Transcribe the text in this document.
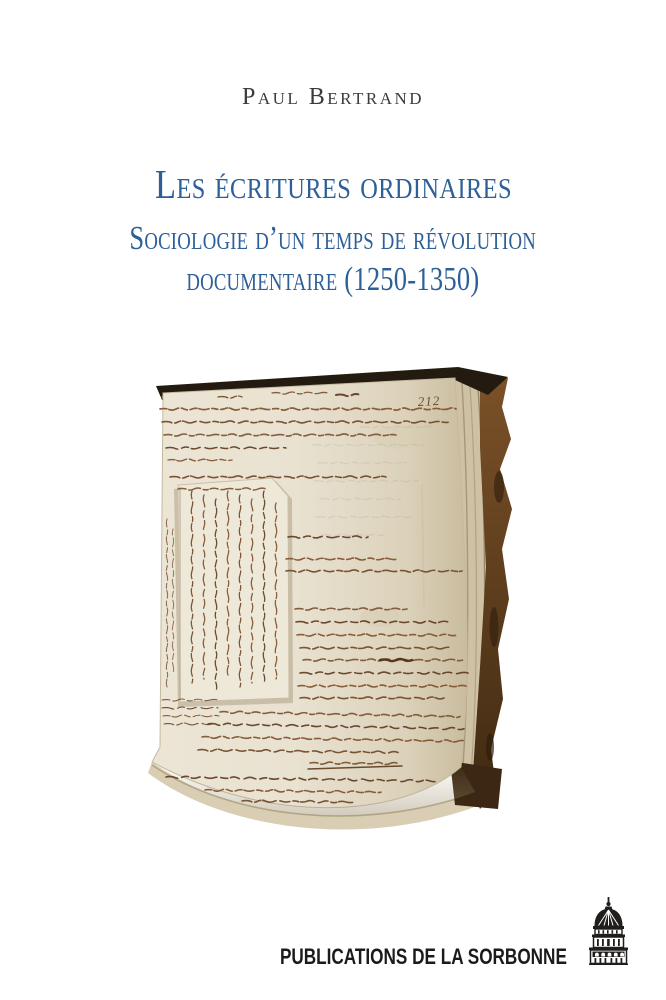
Paul Bertrand
Les écritures ordinaires
Sociologie d’un temps de révolution
documentaire (1250-1350)
212
PUBLICATIONS DE LA SORBONNE
